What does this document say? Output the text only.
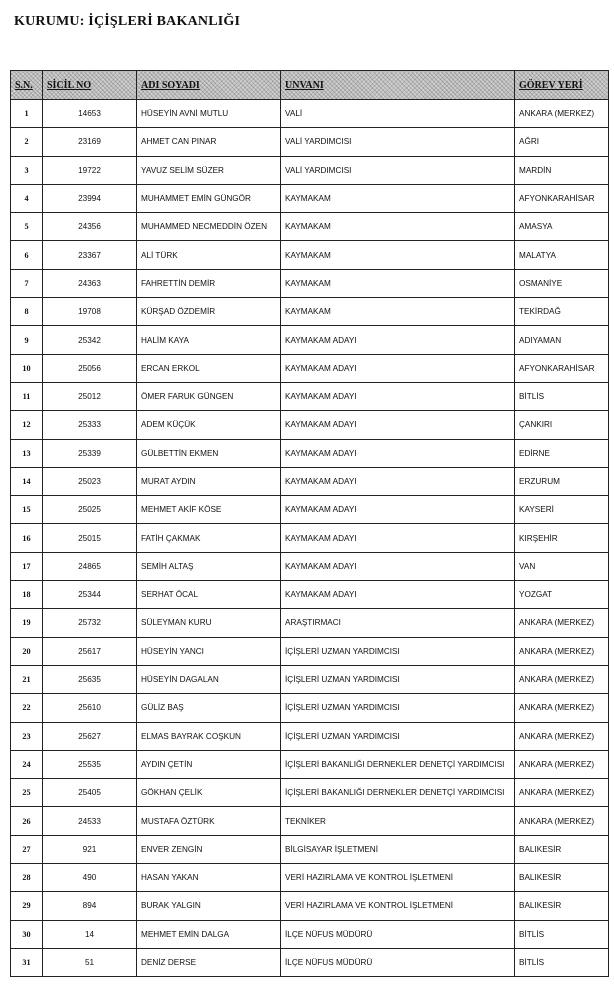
KURUMU: İÇİŞLERİ BAKANLIĞI
S.N.	SİCİL NO	ADI SOYADI	UNVANI	GÖREV YERİ
1	14653	HÜSEYİN AVNİ MUTLU	VALİ	ANKARA (MERKEZ)
2	23169	AHMET CAN PINAR	VALİ YARDIMCISI	AĞRI
3	19722	YAVUZ SELİM SÜZER	VALİ YARDIMCISI	MARDİN
4	23994	MUHAMMET EMİN GÜNGÖR	KAYMAKAM	AFYONKARAHİSAR
5	24356	MUHAMMED NECMEDDİN ÖZEN	KAYMAKAM	AMASYA
6	23367	ALİ TÜRK	KAYMAKAM	MALATYA
7	24363	FAHRETTİN DEMİR	KAYMAKAM	OSMANİYE
8	19708	KÜRŞAD ÖZDEMİR	KAYMAKAM	TEKİRDAĞ
9	25342	HALİM KAYA	KAYMAKAM ADAYI	ADIYAMAN
10	25056	ERCAN ERKOL	KAYMAKAM ADAYI	AFYONKARAHİSAR
11	25012	ÖMER FARUK GÜNGEN	KAYMAKAM ADAYI	BİTLİS
12	25333	ADEM KÜÇÜK	KAYMAKAM ADAYI	ÇANKIRI
13	25339	GÜLBETTİN EKMEN	KAYMAKAM ADAYI	EDİRNE
14	25023	MURAT AYDIN	KAYMAKAM ADAYI	ERZURUM
15	25025	MEHMET AKİF KÖSE	KAYMAKAM ADAYI	KAYSERİ
16	25015	FATİH ÇAKMAK	KAYMAKAM ADAYI	KIRŞEHİR
17	24865	SEMİH ALTAŞ	KAYMAKAM ADAYI	VAN
18	25344	SERHAT ÖCAL	KAYMAKAM ADAYI	YOZGAT
19	25732	SÜLEYMAN KURU	ARAŞTIRMACI	ANKARA (MERKEZ)
20	25617	HÜSEYİN YANCI	İÇİŞLERİ UZMAN YARDIMCISI	ANKARA (MERKEZ)
21	25635	HÜSEYİN DAGALAN	İÇİŞLERİ UZMAN YARDIMCISI	ANKARA (MERKEZ)
22	25610	GÜLİZ BAŞ	İÇİŞLERİ UZMAN YARDIMCISI	ANKARA (MERKEZ)
23	25627	ELMAS BAYRAK COŞKUN	İÇİŞLERİ UZMAN YARDIMCISI	ANKARA (MERKEZ)
24	25535	AYDIN ÇETİN	İÇİŞLERİ BAKANLIĞI DERNEKLER DENETÇİ YARDIMCISI	ANKARA (MERKEZ)
25	25405	GÖKHAN ÇELİK	İÇİŞLERİ BAKANLIĞI DERNEKLER DENETÇİ YARDIMCISI	ANKARA (MERKEZ)
26	24533	MUSTAFA ÖZTÜRK	TEKNİKER	ANKARA (MERKEZ)
27	921	ENVER ZENGİN	BİLGİSAYAR İŞLETMENİ	BALIKESİR
28	490	HASAN YAKAN	VERİ HAZIRLAMA VE KONTROL İŞLETMENİ	BALIKESİR
29	894	BURAK YALGIN	VERİ HAZIRLAMA VE KONTROL İŞLETMENİ	BALIKESİR
30	14	MEHMET EMİN DALGA	İLÇE NÜFUS MÜDÜRÜ	BİTLİS
31	51	DENİZ DERSE	İLÇE NÜFUS MÜDÜRÜ	BİTLİS
